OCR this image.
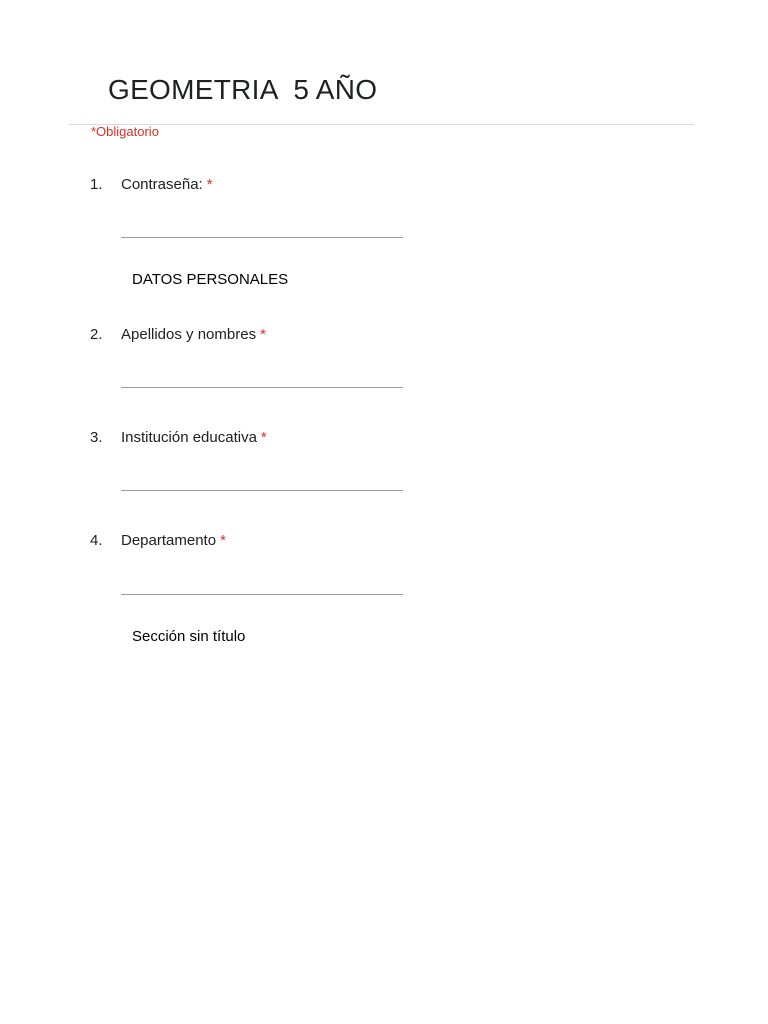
GEOMETRIA  5 AÑO
*Obligatorio
1. Contraseña: *
DATOS PERSONALES
2. Apellidos y nombres *
3. Institución educativa *
4. Departamento *
Sección sin título
